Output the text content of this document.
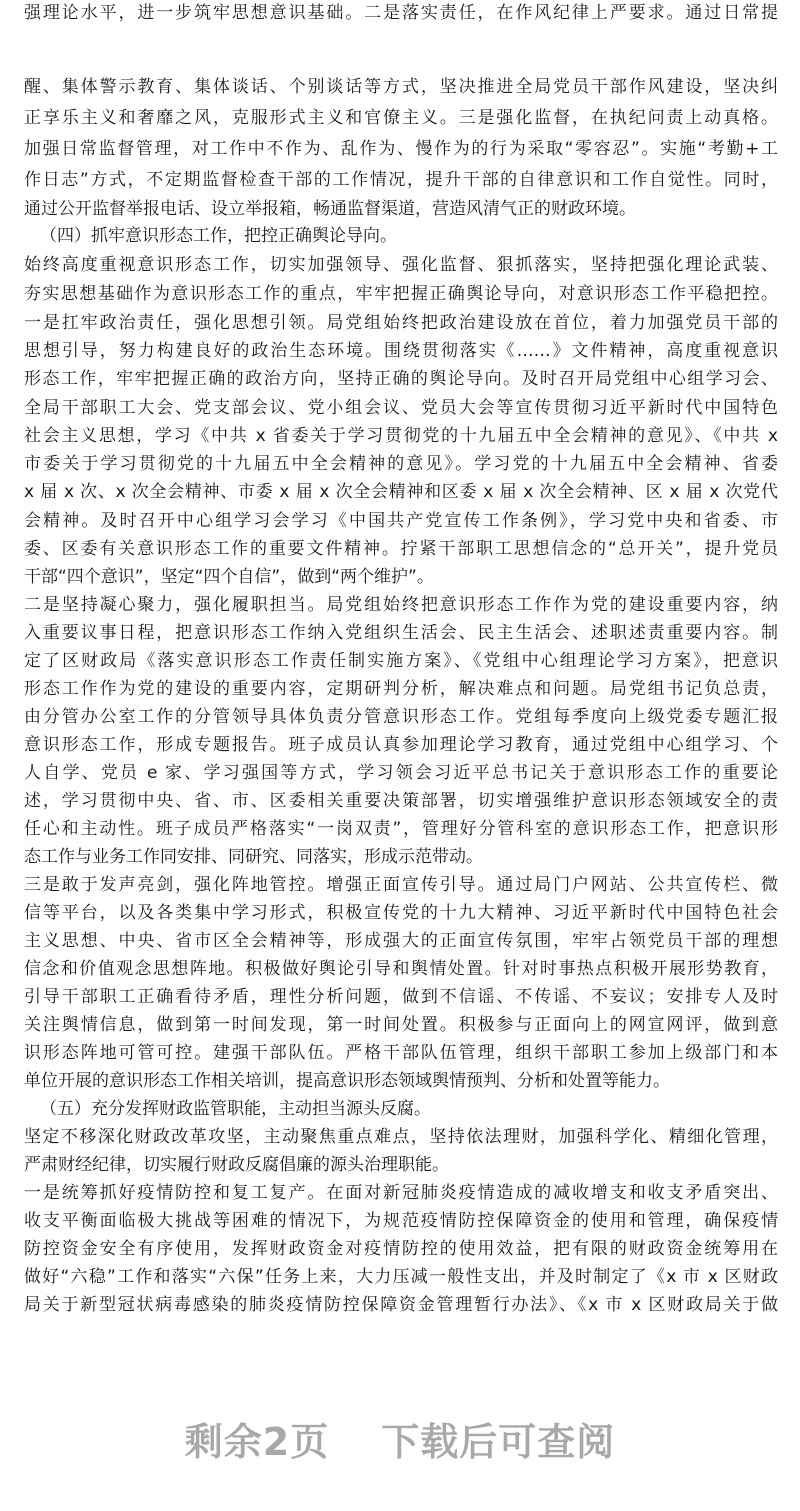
强理论水平，进一步筑牢思想意识基础。二是落实责任，在作风纪律上严要求。通过日常提
醒、集体警示教育、集体谈话、个别谈话等方式，坚决推进全局党员干部作风建设，坚决纠
正享乐主义和奢靡之风，克服形式主义和官僚主义。三是强化监督，在执纪问责上动真格。
加强日常监督管理，对工作中不作为、乱作为、慢作为的行为采取“零容忍”。实施“考勤+工
作日志”方式，不定期监督检查干部的工作情况，提升干部的自律意识和工作自觉性。同时，
通过公开监督举报电话、设立举报箱，畅通监督渠道，营造风清气正的财政环境。
（四）抓牢意识形态工作，把控正确舆论导向。
始终高度重视意识形态工作，切实加强领导、强化监督、狠抓落实，坚持把强化理论武装、
夯实思想基础作为意识形态工作的重点，牢牢把握正确舆论导向，对意识形态工作平稳把控。
一是扛牢政治责任，强化思想引领。局党组始终把政治建设放在首位，着力加强党员干部的
思想引导，努力构建良好的政治生态环境。围绕贯彻落实《……》文件精神，高度重视意识
形态工作，牢牢把握正确的政治方向，坚持正确的舆论导向。及时召开局党组中心组学习会、
全局干部职工大会、党支部会议、党小组会议、党员大会等宣传贯彻习近平新时代中国特色
社会主义思想，学习《中共 x 省委关于学习贯彻党的十九届五中全会精神的意见》、《中共 x
市委关于学习贯彻党的十九届五中全会精神的意见》。学习党的十九届五中全会精神、省委
x 届 x 次、x 次全会精神、市委 x 届 x 次全会精神和区委 x 届 x 次全会精神、区 x 届 x 次党代
会精神。及时召开中心组学习会学习《中国共产党宣传工作条例》，学习党中央和省委、市
委、区委有关意识形态工作的重要文件精神。拧紧干部职工思想信念的“总开关”，提升党员
干部“四个意识”，坚定“四个自信”，做到“两个维护”。
二是坚持凝心聚力，强化履职担当。局党组始终把意识形态工作作为党的建设重要内容，纳
入重要议事日程，把意识形态工作纳入党组织生活会、民主生活会、述职述责重要内容。制
定了区财政局《落实意识形态工作责任制实施方案》、《党组中心组理论学习方案》，把意识
形态工作作为党的建设的重要内容，定期研判分析，解决难点和问题。局党组书记负总责，
由分管办公室工作的分管领导具体负责分管意识形态工作。党组每季度向上级党委专题汇报
意识形态工作，形成专题报告。班子成员认真参加理论学习教育，通过党组中心组学习、个
人自学、党员 e 家、学习强国等方式，学习领会习近平总书记关于意识形态工作的重要论
述，学习贯彻中央、省、市、区委相关重要决策部署，切实增强维护意识形态领域安全的责
任心和主动性。班子成员严格落实“一岗双责”，管理好分管科室的意识形态工作，把意识形
态工作与业务工作同安排、同研究、同落实，形成示范带动。
三是敢于发声亮剑，强化阵地管控。增强正面宣传引导。通过局门户网站、公共宣传栏、微
信等平台，以及各类集中学习形式，积极宣传党的十九大精神、习近平新时代中国特色社会
主义思想、中央、省市区全会精神等，形成强大的正面宣传氛围，牢牢占领党员干部的理想
信念和价值观念思想阵地。积极做好舆论引导和舆情处置。针对时事热点积极开展形势教育，
引导干部职工正确看待矛盾，理性分析问题，做到不信谣、不传谣、不妄议；安排专人及时
关注舆情信息，做到第一时间发现，第一时间处置。积极参与正面向上的网宣网评，做到意
识形态阵地可管可控。建强干部队伍。严格干部队伍管理，组织干部职工参加上级部门和本
单位开展的意识形态工作相关培训，提高意识形态领域舆情预判、分析和处置等能力。
（五）充分发挥财政监管职能，主动担当源头反腐。
坚定不移深化财政改革攻坚，主动聚焦重点难点，坚持依法理财，加强科学化、精细化管理，
严肃财经纪律，切实履行财政反腐倡廉的源头治理职能。
一是统筹抓好疫情防控和复工复产。在面对新冠肺炎疫情造成的减收增支和收支矛盾突出、
收支平衡面临极大挑战等困难的情况下，为规范疫情防控保障资金的使用和管理，确保疫情
防控资金安全有序使用，发挥财政资金对疫情防控的使用效益，把有限的财政资金统筹用在
做好“六稳”工作和落实“六保”任务上来，大力压减一般性支出，并及时制定了《x 市 x 区财政
局关于新型冠状病毒感染的肺炎疫情防控保障资金管理暂行办法》、《x 市 x 区财政局关于做
剩余2页 下载后可查阅
